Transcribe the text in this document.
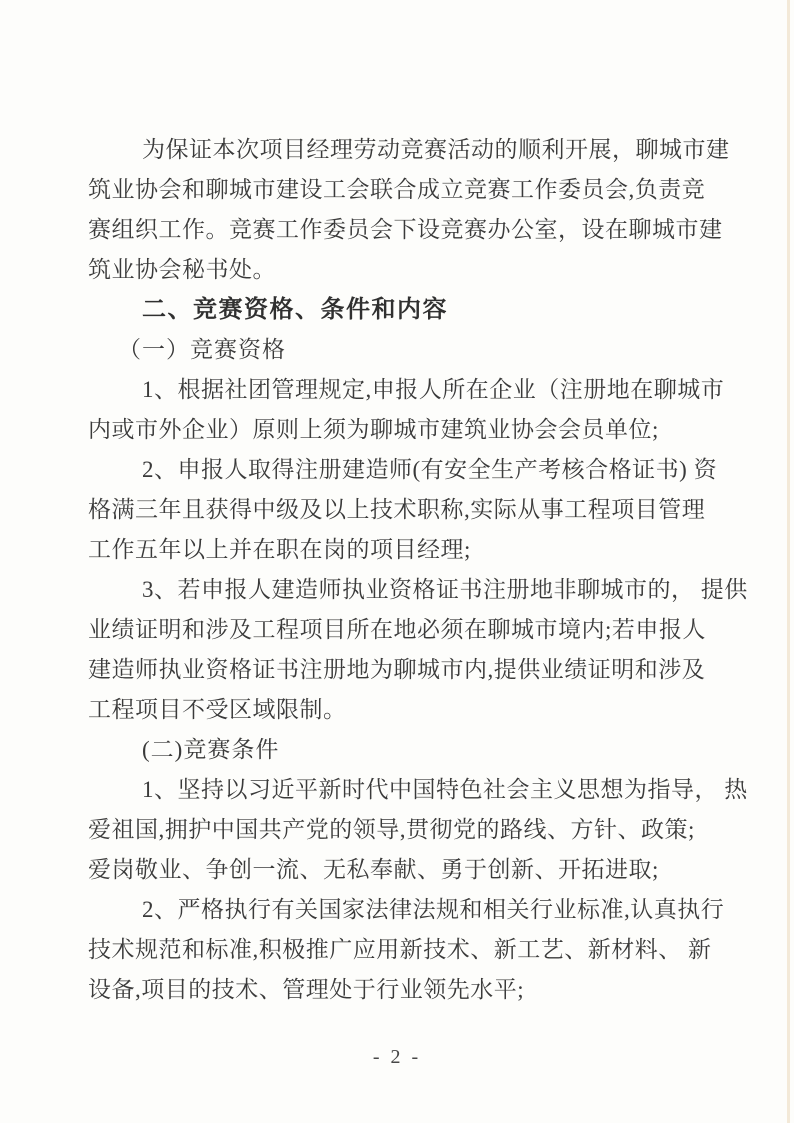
为保证本次项目经理劳动竞赛活动的顺利开展，聊城市建
筑业协会和聊城市建设工会联合成立竞赛工作委员会,负责竞
赛组织工作。竞赛工作委员会下设竞赛办公室，设在聊城市建
筑业协会秘书处。
二、竞赛资格、条件和内容
（一）竞赛资格
1、根据社团管理规定,申报人所在企业（注册地在聊城市
内或市外企业）原则上须为聊城市建筑业协会会员单位;
2、申报人取得注册建造师(有安全生产考核合格证书) 资
格满三年且获得中级及以上技术职称,实际从事工程项目管理
工作五年以上并在职在岗的项目经理;
3、若申报人建造师执业资格证书注册地非聊城市的， 提供
业绩证明和涉及工程项目所在地必须在聊城市境内;若申报人
建造师执业资格证书注册地为聊城市内,提供业绩证明和涉及
工程项目不受区域限制。
(二)竞赛条件
1、坚持以习近平新时代中国特色社会主义思想为指导， 热
爱祖国,拥护中国共产党的领导,贯彻党的路线、方针、政策;
爱岗敬业、争创一流、无私奉献、勇于创新、开拓进取;
2、严格执行有关国家法律法规和相关行业标准,认真执行
技术规范和标准,积极推广应用新技术、新工艺、新材料、 新
设备,项目的技术、管理处于行业领先水平;
- 2 -
